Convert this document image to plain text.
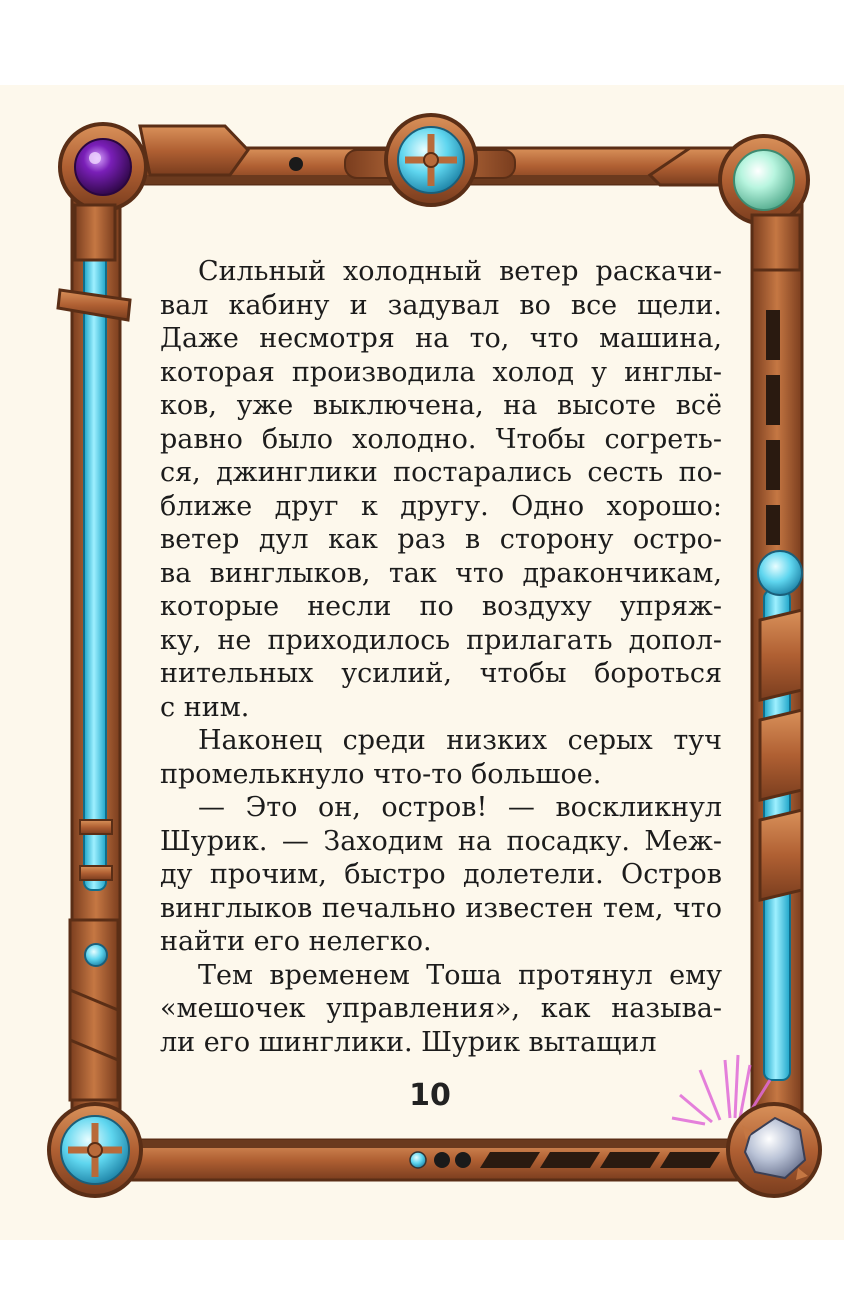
Сильный холодный ветер раскачи-
вал кабину и задувал во все щели.
Даже несмотря на то, что машина,
которая производила холод у инглы-
ков, уже выключена, на высоте всё
равно было холодно. Чтобы согреть-
ся, джинглики постарались сесть по-
ближе друг к другу. Одно хорошо:
ветер дул как раз в сторону остро-
ва винглыков, так что дракончикам,
которые несли по воздуху упряж-
ку, не приходилось прилагать допол-
нительных усилий, чтобы бороться
с ним.
Наконец среди низких серых туч
промелькнуло что-то большое.
— Это он, остров! — воскликнул
Шурик. — Заходим на посадку. Меж-
ду прочим, быстро долетели. Остров
винглыков печально известен тем, что
найти его нелегко.
Тем временем Тоша протянул ему
«мешочек управления», как называ-
ли его шинглики. Шурик вытащил
10
